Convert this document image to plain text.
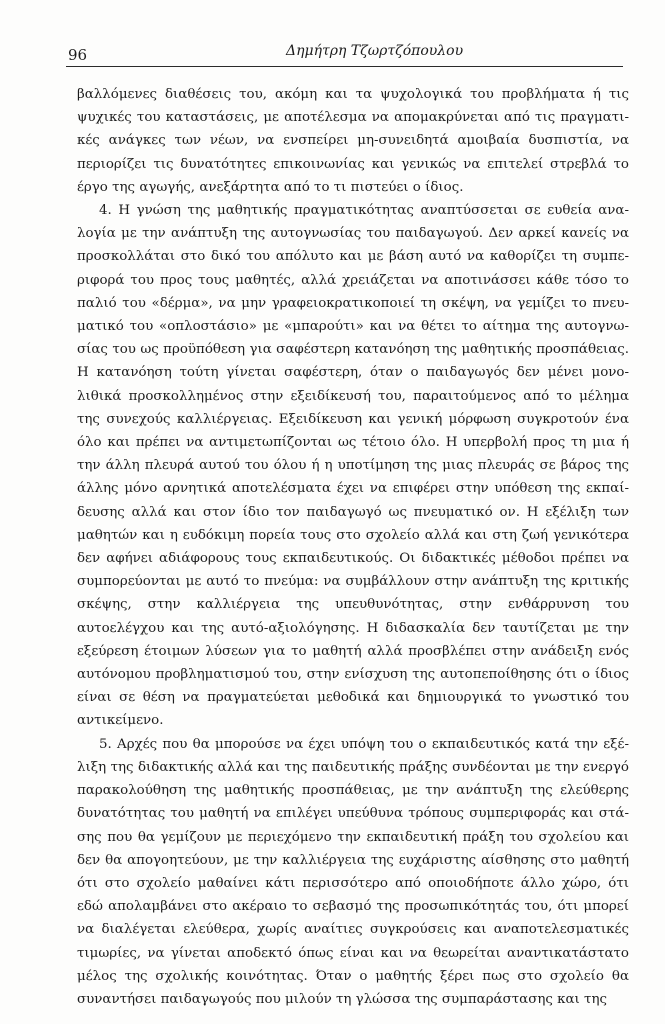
96	Δημήτρη Τζωρτζόπουλου

βαλλόμενες διαθέσεις του, ακόμη και τα ψυχολογικά του προβλήματα ή τις ψυχικές του καταστάσεις, με αποτέλεσμα να απομακρύνεται από τις πραγματικές ανάγκες των νέων, να ενσπείρει μη-συνειδητά αμοιβαία δυσπιστία, να περιορίζει τις δυνατότητες επικοινωνίας και γενικώς να επιτελεί στρεβλά το έργο της αγωγής, ανεξάρτητα από το τι πιστεύει ο ίδιος.

4. Η γνώση της μαθητικής πραγματικότητας αναπτύσσεται σε ευθεία αναλογία με την ανάπτυξη της αυτογνωσίας του παιδαγωγού. Δεν αρκεί κανείς να προσκολλάται στο δικό του απόλυτο και με βάση αυτό να καθορίζει τη συμπεριφορά του προς τους μαθητές, αλλά χρειάζεται να αποτινάσσει κάθε τόσο το παλιό του «δέρμα», να μην γραφειοκρατικοποιεί τη σκέψη, να γεμίζει το πνευματικό του «οπλοστάσιο» με «μπαρούτι» και να θέτει το αίτημα της αυτογνωσίας του ως προϋπόθεση για σαφέστερη κατανόηση της μαθητικής προσπάθειας. Η κατανόηση τούτη γίνεται σαφέστερη, όταν ο παιδαγωγός δεν μένει μονολιθικά προσκολλημένος στην εξειδίκευσή του, παραιτούμενος από το μέλημα της συνεχούς καλλιέργειας. Εξειδίκευση και γενική μόρφωση συγκροτούν ένα όλο και πρέπει να αντιμετωπίζονται ως τέτοιο όλο. Η υπερβολή προς τη μια ή την άλλη πλευρά αυτού του όλου ή η υποτίμηση της μιας πλευράς σε βάρος της άλλης μόνο αρνητικά αποτελέσματα έχει να επιφέρει στην υπόθεση της εκπαίδευσης αλλά και στον ίδιο τον παιδαγωγό ως πνευματικό ον. Η εξέλιξη των μαθητών και η ευδόκιμη πορεία τους στο σχολείο αλλά και στη ζωή γενικότερα δεν αφήνει αδιάφορους τους εκπαιδευτικούς. Οι διδακτικές μέθοδοι πρέπει να συμπορεύονται με αυτό το πνεύμα: να συμβάλλουν στην ανάπτυξη της κριτικής σκέψης, στην καλλιέργεια της υπευθυνότητας, στην ενθάρρυνση του αυτοελέγχου και της αυτό-αξιολόγησης. Η διδασκαλία δεν ταυτίζεται με την εξεύρεση έτοιμων λύσεων για το μαθητή αλλά προσβλέπει στην ανάδειξη ενός αυτόνομου προβληματισμού του, στην ενίσχυση της αυτοπεποίθησης ότι ο ίδιος είναι σε θέση να πραγματεύεται μεθοδικά και δημιουργικά το γνωστικό του αντικείμενο.

5. Αρχές που θα μπορούσε να έχει υπόψη του ο εκπαιδευτικός κατά την εξέλιξη της διδακτικής αλλά και της παιδευτικής πράξης συνδέονται με την ενεργό παρακολούθηση της μαθητικής προσπάθειας, με την ανάπτυξη της ελεύθερης δυνατότητας του μαθητή να επιλέγει υπεύθυνα τρόπους συμπεριφοράς και στάσης που θα γεμίζουν με περιεχόμενο την εκπαιδευτική πράξη του σχολείου και δεν θα απογοητεύουν, με την καλλιέργεια της ευχάριστης αίσθησης στο μαθητή ότι στο σχολείο μαθαίνει κάτι περισσότερο από οποιοδήποτε άλλο χώρο, ότι εδώ απολαμβάνει στο ακέραιο το σεβασμό της προσωπικότητάς του, ότι μπορεί να διαλέγεται ελεύθερα, χωρίς αναίτιες συγκρούσεις και αναποτελεσματικές τιμωρίες, να γίνεται αποδεκτό όπως είναι και να θεωρείται αναντικατάστατο μέλος της σχολικής κοινότητας. Όταν ο μαθητής ξέρει πως στο σχολείο θα συναντήσει παιδαγωγούς που μιλούν τη γλώσσα της συμπαράστασης και της
